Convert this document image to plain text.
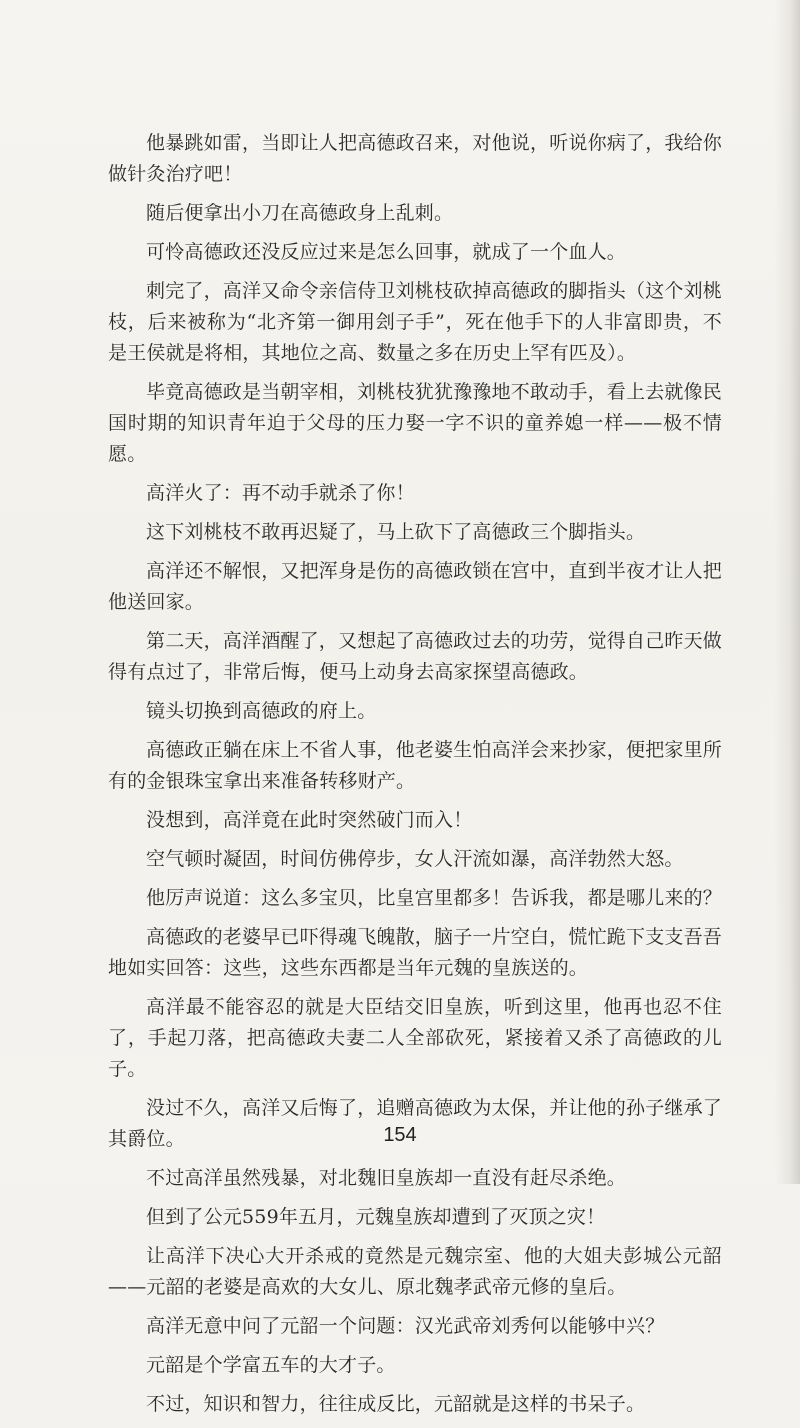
他暴跳如雷，当即让人把高德政召来，对他说，听说你病了，我给你做针灸治疗吧！

随后便拿出小刀在高德政身上乱刺。

可怜高德政还没反应过来是怎么回事，就成了一个血人。

刺完了，高洋又命令亲信侍卫刘桃枝砍掉高德政的脚指头（这个刘桃枝，后来被称为“北齐第一御用刽子手”，死在他手下的人非富即贵，不是王侯就是将相，其地位之高、数量之多在历史上罕有匹及）。

毕竟高德政是当朝宰相，刘桃枝犹犹豫豫地不敢动手，看上去就像民国时期的知识青年迫于父母的压力娶一字不识的童养媳一样——极不情愿。

高洋火了：再不动手就杀了你！

这下刘桃枝不敢再迟疑了，马上砍下了高德政三个脚指头。

高洋还不解恨，又把浑身是伤的高德政锁在宫中，直到半夜才让人把他送回家。

第二天，高洋酒醒了，又想起了高德政过去的功劳，觉得自己昨天做得有点过了，非常后悔，便马上动身去高家探望高德政。

镜头切换到高德政的府上。

高德政正躺在床上不省人事，他老婆生怕高洋会来抄家，便把家里所有的金银珠宝拿出来准备转移财产。

没想到，高洋竟在此时突然破门而入！

空气顿时凝固，时间仿佛停步，女人汗流如瀑，高洋勃然大怒。

他厉声说道：这么多宝贝，比皇宫里都多！告诉我，都是哪儿来的？

高德政的老婆早已吓得魂飞魄散，脑子一片空白，慌忙跪下支支吾吾地如实回答：这些，这些东西都是当年元魏的皇族送的。

高洋最不能容忍的就是大臣结交旧皇族，听到这里，他再也忍不住了，手起刀落，把高德政夫妻二人全部砍死，紧接着又杀了高德政的儿子。

没过不久，高洋又后悔了，追赠高德政为太保，并让他的孙子继承了其爵位。

不过高洋虽然残暴，对北魏旧皇族却一直没有赶尽杀绝。

但到了公元559年五月，元魏皇族却遭到了灭顶之灾！

让高洋下决心大开杀戒的竟然是元魏宗室、他的大姐夫彭城公元韶——元韶的老婆是高欢的大女儿、原北魏孝武帝元修的皇后。

高洋无意中问了元韶一个问题：汉光武帝刘秀何以能够中兴？

元韶是个学富五车的大才子。

不过，知识和智力，往往成反比，元韶就是这样的书呆子。

154
